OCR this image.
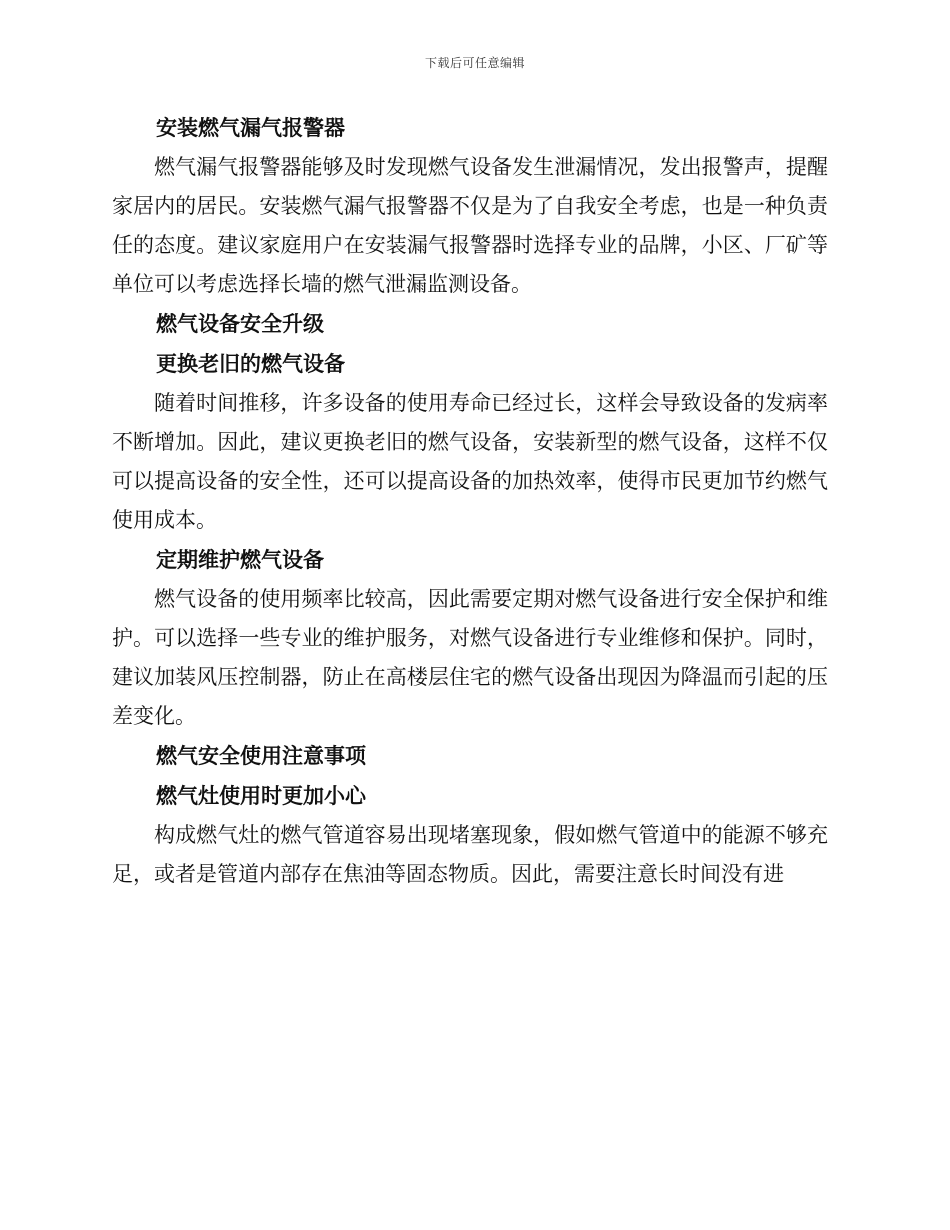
下载后可任意编辑
安装燃气漏气报警器

燃气漏气报警器能够及时发现燃气设备发生泄漏情况，发出报警声，提醒家居内的居民。安装燃气漏气报警器不仅是为了自我安全考虑，也是一种负责任的态度。建议家庭用户在安装漏气报警器时选择专业的品牌，小区、厂矿等单位可以考虑选择长墙的燃气泄漏监测设备。

燃气设备安全升级
更换老旧的燃气设备

随着时间推移，许多设备的使用寿命已经过长，这样会导致设备的发病率不断增加。因此，建议更换老旧的燃气设备，安装新型的燃气设备，这样不仅可以提高设备的安全性，还可以提高设备的加热效率，使得市民更加节约燃气使用成本。

定期维护燃气设备

燃气设备的使用频率比较高，因此需要定期对燃气设备进行安全保护和维护。可以选择一些专业的维护服务，对燃气设备进行专业维修和保护。同时，建议加装风压控制器，防止在高楼层住宅的燃气设备出现因为降温而引起的压差变化。

燃气安全使用注意事项
燃气灶使用时更加小心

构成燃气灶的燃气管道容易出现堵塞现象，假如燃气管道中的能源不够充足，或者是管道内部存在焦油等固态物质。因此，需要注意长时间没有进
